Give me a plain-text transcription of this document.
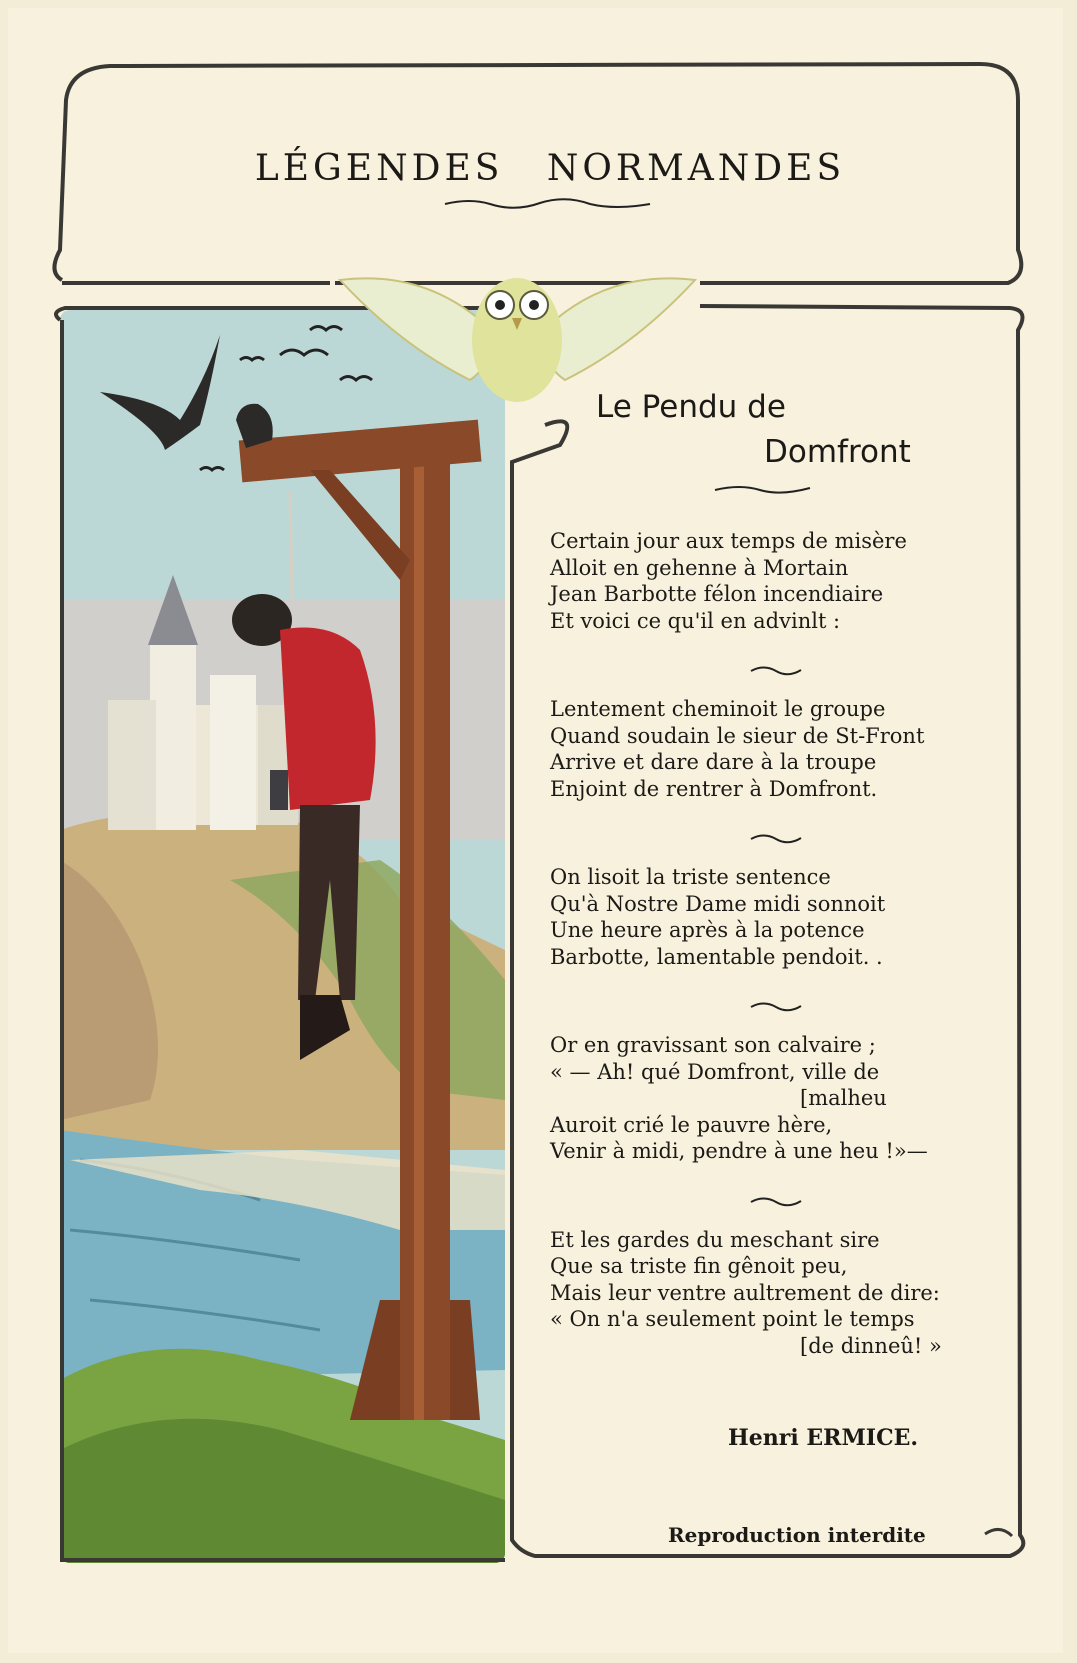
LÉGENDES NORMANDES
Le Pendu de
Domfront
Certain jour aux temps de misère
Alloit en gehenne à Mortain
Jean Barbotte félon incendiaire
Et voici ce qu'il en advinlt :
Lentement cheminoit le groupe
Quand soudain le sieur de St-Front
Arrive et dare dare à la troupe
Enjoint de rentrer à Domfront.
On lisoit la triste sentence
Qu'à Nostre Dame midi sonnoit
Une heure après à la potence
Barbotte, lamentable pendoit. .
Or en gravissant son calvaire ;
« — Ah! qué Domfront, ville de
[malheu
Auroit crié le pauvre hère,
Venir à midi, pendre à une heu !»—
Et les gardes du meschant sire
Que sa triste fin gênoit peu,
Mais leur ventre aultrement de dire:
« On n'a seulement point le temps
[de dinneû! »
Henri ERMICE.
Reproduction interdite
